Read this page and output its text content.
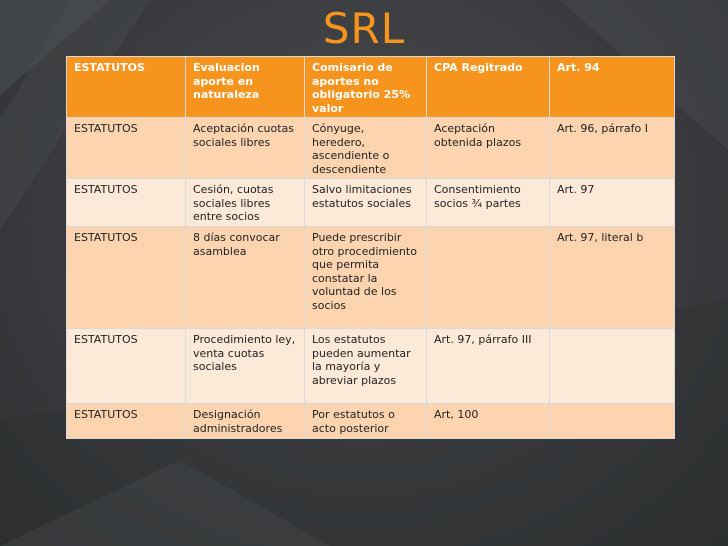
SRL
ESTATUTOS	Evaluacion aporte en naturaleza	Comisario de aportes no obligatorio 25% valor	CPA Regitrado	Art. 94
ESTATUTOS	Aceptación cuotas sociales libres	Cónyuge, heredero, ascendiente o descendiente	Aceptación obtenida plazos	Art. 96, párrafo I
ESTATUTOS	Cesión, cuotas sociales libres entre socios	Salvo limitaciones estatutos sociales	Consentimiento socios ¾ partes	Art. 97
ESTATUTOS	8 días convocar asamblea	Puede prescribir otro procedimiento que permita constatar la voluntad de los socios		Art. 97, literal b
ESTATUTOS	Procedimiento ley, venta cuotas sociales	Los estatutos pueden aumentar la mayoría y abreviar plazos	Art. 97, párrafo III	
ESTATUTOS	Designación administradores	Por estatutos o acto posterior	Art, 100	
